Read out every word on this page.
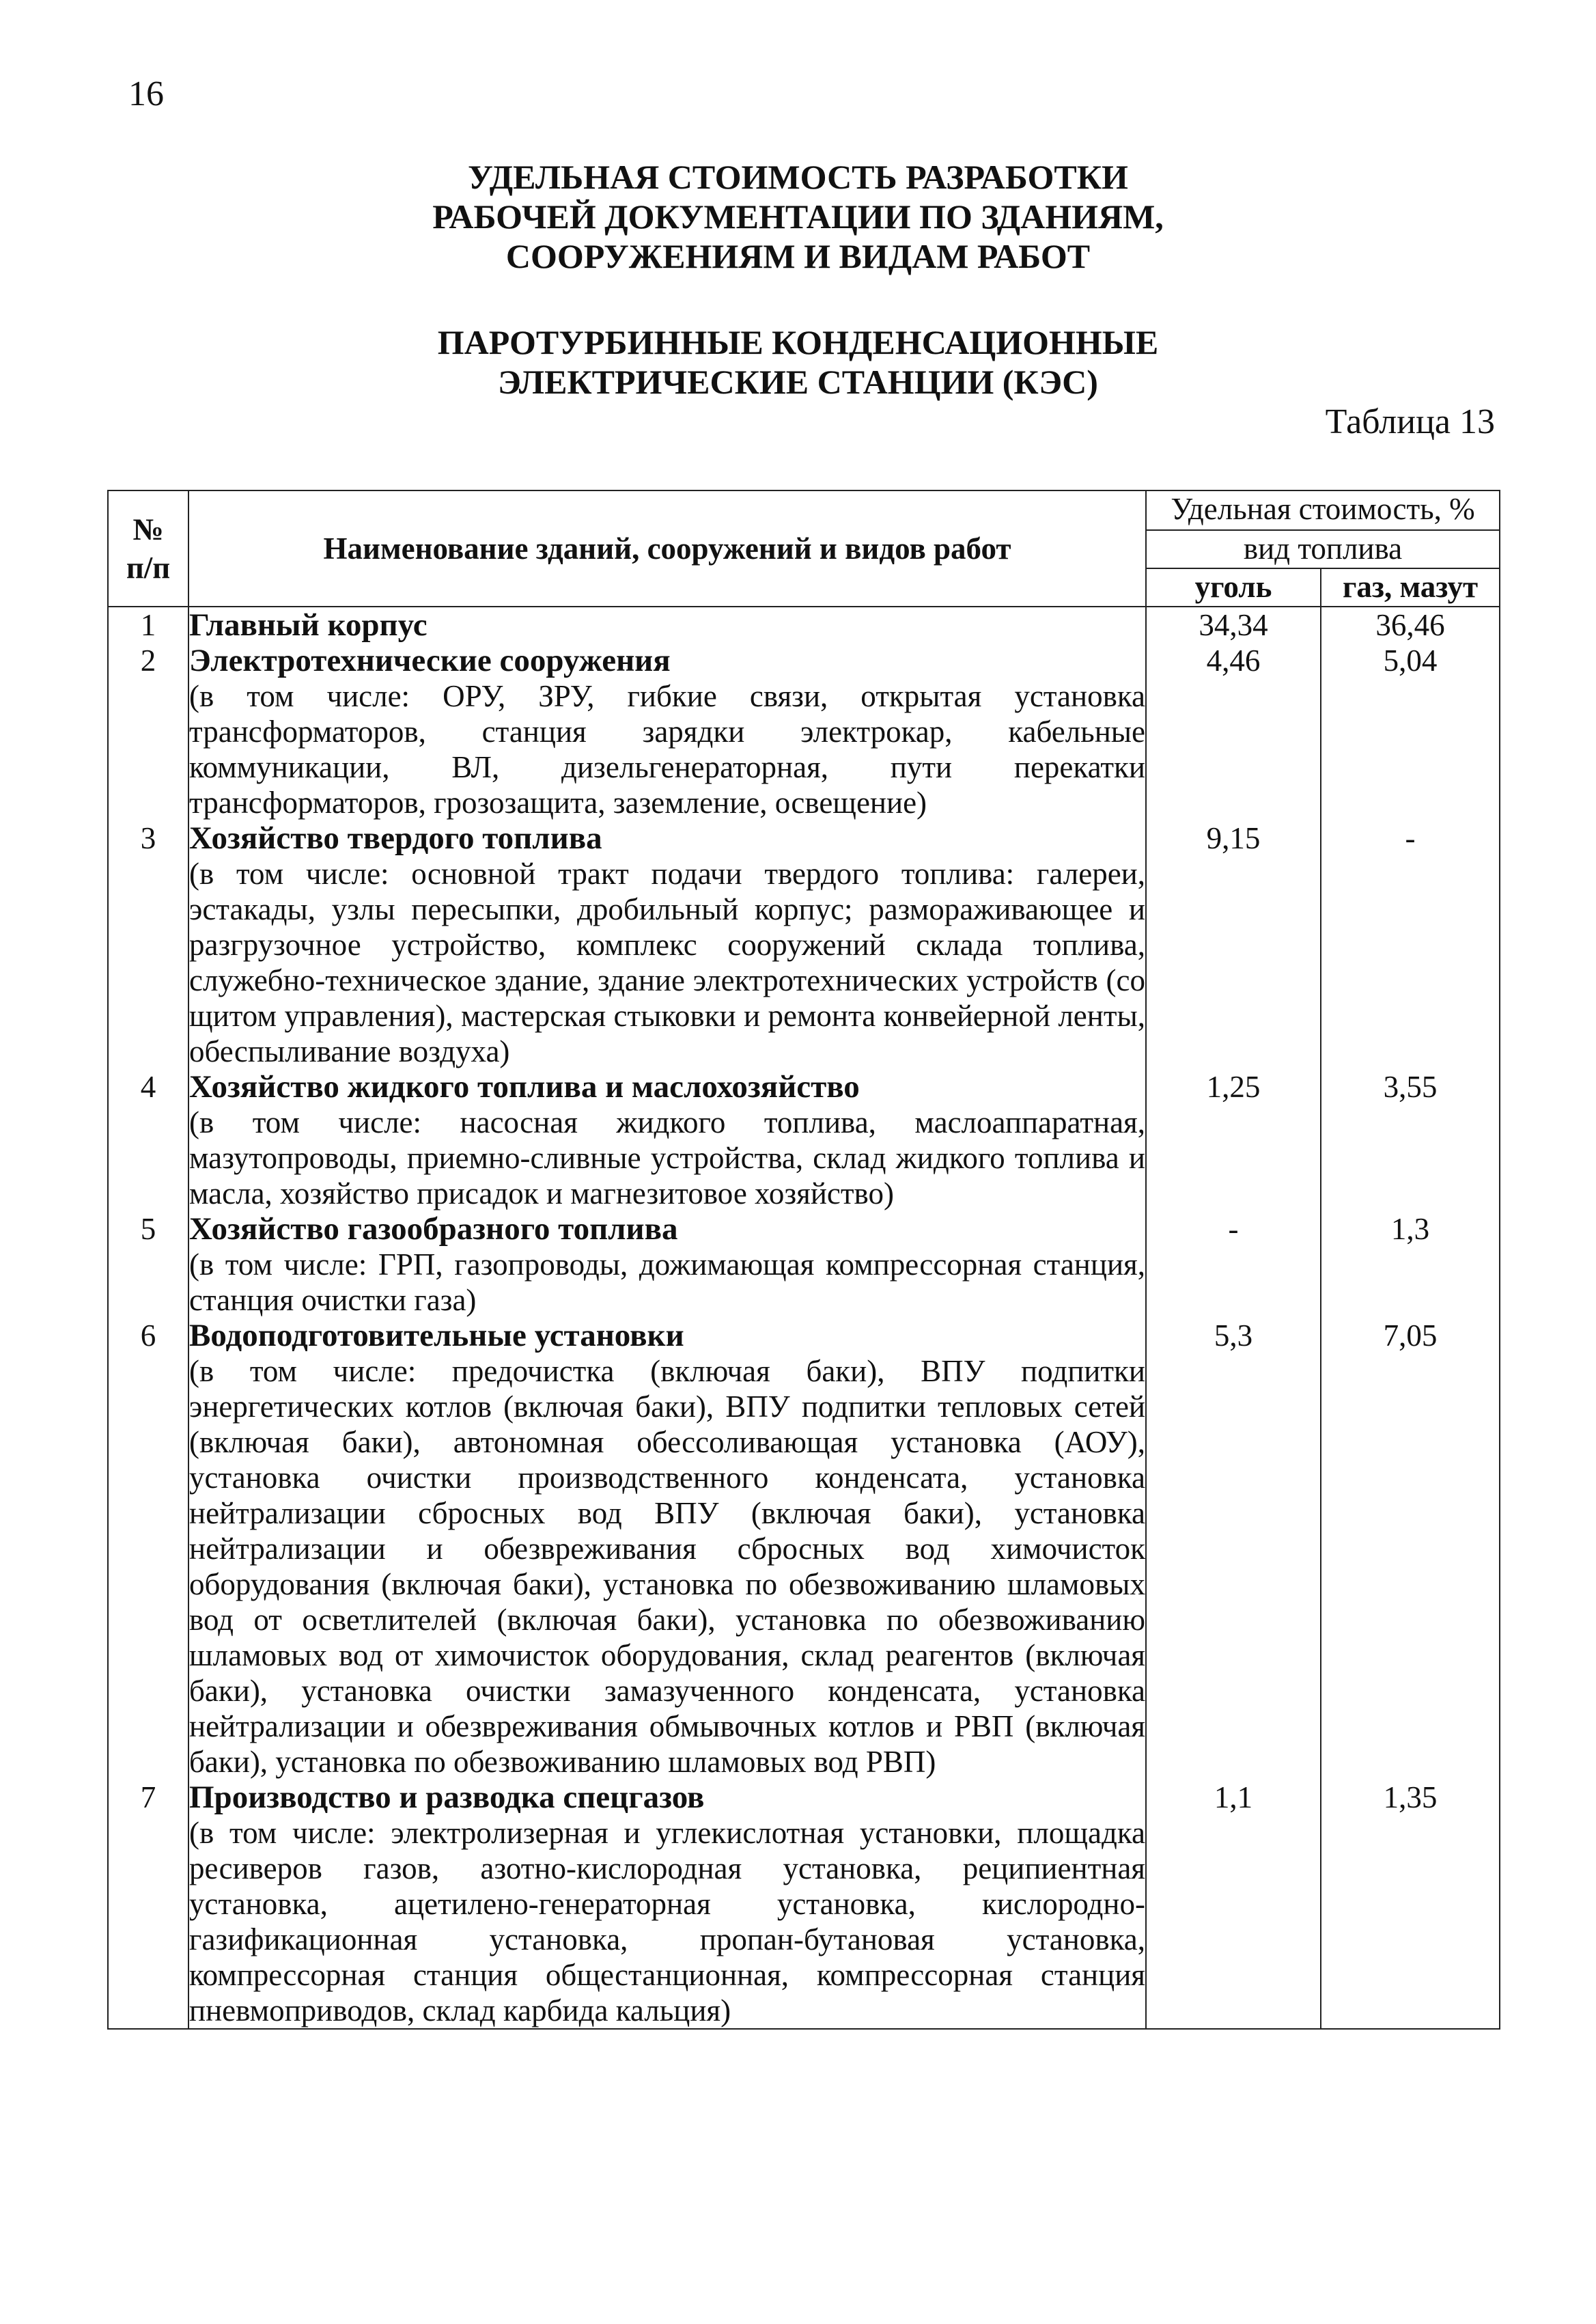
16
УДЕЛЬНАЯ СТОИМОСТЬ РАЗРАБОТКИ
РАБОЧЕЙ ДОКУМЕНТАЦИИ ПО ЗДАНИЯМ,
СООРУЖЕНИЯМ И ВИДАМ РАБОТ
ПАРОТУРБИННЫЕ КОНДЕНСАЦИОННЫЕ
ЭЛЕКТРИЧЕСКИЕ СТАНЦИИ (КЭС)
Таблица 13
№
п/п	Наименование зданий, сооружений и видов работ	Удельная стоимость, %	
		вид топлива	
		уголь	газ, мазут
1	Главный корпус	34,34	36,46
2	Электротехнические сооружения
(в том числе: ОРУ, ЗРУ, гибкие связи, открытая установка трансформаторов, станция зарядки электрокар, кабельные коммуникации, ВЛ, дизельгенераторная, пути перекатки трансформаторов, грозозащита, заземление, освещение)	4,46	5,04
3	Хозяйство твердого топлива
(в том числе: основной тракт подачи твердого топлива: галереи, эстакады, узлы пересыпки, дробильный корпус; размораживающее и разгрузочное устройство, комплекс сооружений склада топлива, служебно-техническое здание, здание электротехнических устройств (со щитом управления), мастерская стыковки и ремонта конвейерной ленты, обеспыливание воздуха)	9,15	-
4	Хозяйство жидкого топлива и маслохозяйство
(в том числе: насосная жидкого топлива, маслоаппаратная, мазутопроводы, приемно-сливные устройства, склад жидкого топлива и масла, хозяйство присадок и магнезитовое хозяйство)	1,25	3,55
5	Хозяйство газообразного топлива
(в том числе: ГРП, газопроводы, дожимающая компрессорная станция, станция очистки газа)	-	1,3
6	Водоподготовительные установки
(в том числе: предочистка (включая баки), ВПУ подпитки энергетических котлов (включая баки), ВПУ подпитки тепловых сетей (включая баки), автономная обессоливающая установка (АОУ), установка очистки производственного конденсата, установка нейтрализации сбросных вод ВПУ (включая баки), установка нейтрализации и обезвреживания сбросных вод химочисток оборудования (включая баки), установка по обезвоживанию шламовых вод от осветлителей (включая баки), установка по обезвоживанию шламовых вод от химочисток оборудования, склад реагентов (включая баки), установка очистки замазученного конденсата, установка нейтрализации и обезвреживания обмывочных котлов и РВП (включая баки), установка по обезвоживанию шламовых вод РВП)	5,3	7,05
7	Производство и разводка спецгазов
(в том числе: электролизерная и углекислотная установки, площадка ресиверов газов, азотно-кислородная установка, реципиентная установка, ацетилено-генераторная установка, кислородно-газификационная установка, пропан-бутановая установка, компрессорная станция общестанционная, компрессорная станция пневмоприводов, склад карбида кальция)	1,1	1,35
